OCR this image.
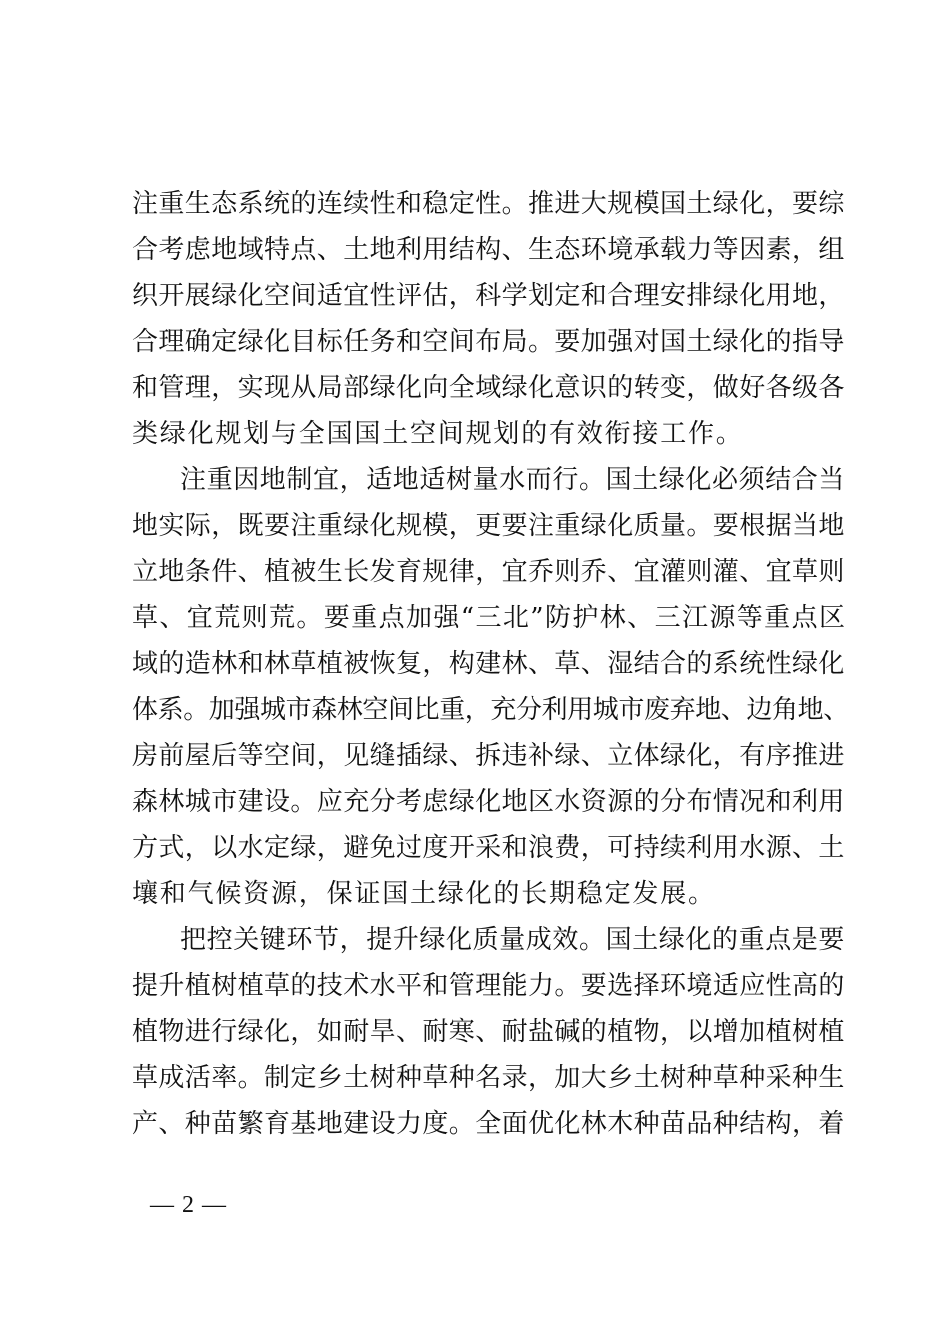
注重生态系统的连续性和稳定性。推进大规模国土绿化，要综
合考虑地域特点、土地利用结构、生态环境承载力等因素，组
织开展绿化空间适宜性评估，科学划定和合理安排绿化用地，
合理确定绿化目标任务和空间布局。要加强对国土绿化的指导
和管理，实现从局部绿化向全域绿化意识的转变，做好各级各
类绿化规划与全国国土空间规划的有效衔接工作。
注重因地制宜，适地适树量水而行。国土绿化必须结合当
地实际，既要注重绿化规模，更要注重绿化质量。要根据当地
立地条件、植被生长发育规律，宜乔则乔、宜灌则灌、宜草则
草、宜荒则荒。要重点加强“三北”防护林、三江源等重点区
域的造林和林草植被恢复，构建林、草、湿结合的系统性绿化
体系。加强城市森林空间比重，充分利用城市废弃地、边角地、
房前屋后等空间，见缝插绿、拆违补绿、立体绿化，有序推进
森林城市建设。应充分考虑绿化地区水资源的分布情况和利用
方式，以水定绿，避免过度开采和浪费，可持续利用水源、土
壤和气候资源，保证国土绿化的长期稳定发展。
把控关键环节，提升绿化质量成效。国土绿化的重点是要
提升植树植草的技术水平和管理能力。要选择环境适应性高的
植物进行绿化，如耐旱、耐寒、耐盐碱的植物，以增加植树植
草成活率。制定乡土树种草种名录，加大乡土树种草种采种生
产、种苗繁育基地建设力度。全面优化林木种苗品种结构，着
— 2 —
